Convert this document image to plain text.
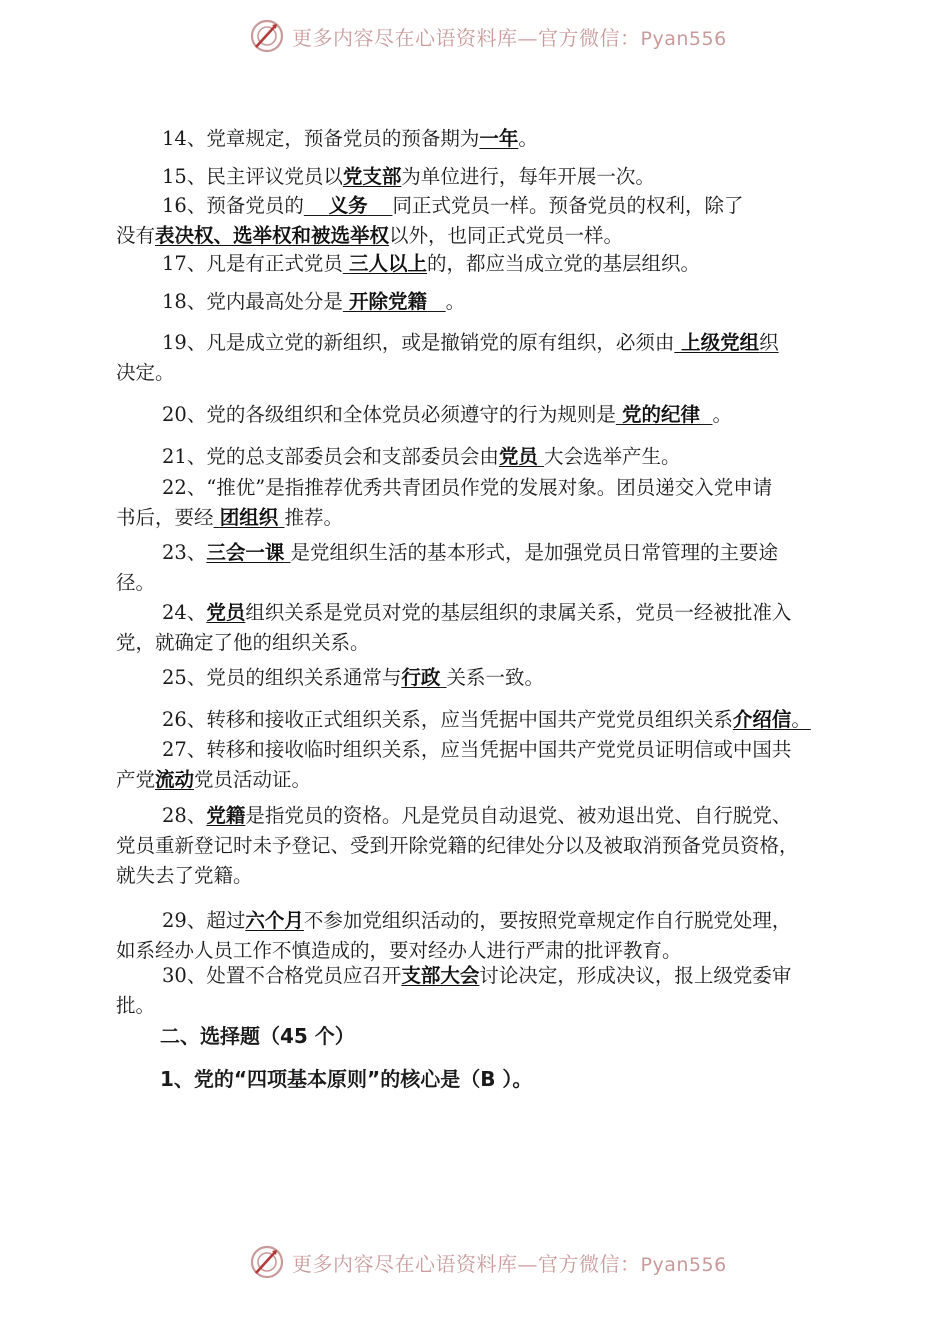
更多内容尽在心语资料库—官方微信：Pyan556
14、党章规定，预备党员的预备期为一年。
15、民主评议党员以党支部为单位进行，每年开展一次。
16、预备党员的 义务 同正式党员一样。预备党员的权利，除了
没有表决权、选举权和被选举权以外，也同正式党员一样。
17、凡是有正式党员 三人以上的，都应当成立党的基层组织。
18、党内最高处分是 开除党籍 。
19、凡是成立党的新组织，或是撤销党的原有组织，必须由 上级党组织
决定。
20、党的各级组织和全体党员必须遵守的行为规则是 党的纪律 。
21、党的总支部委员会和支部委员会由党员 大会选举产生。
22、“推优”是指推荐优秀共青团员作党的发展对象。团员递交入党申请
书后，要经 团组织 推荐。
23、三会一课 是党组织生活的基本形式，是加强党员日常管理的主要途
径。
24、党员组织关系是党员对党的基层组织的隶属关系，党员一经被批准入
党，就确定了他的组织关系。
25、党员的组织关系通常与行政 关系一致。
26、转移和接收正式组织关系，应当凭据中国共产党党员组织关系介绍信。
27、转移和接收临时组织关系，应当凭据中国共产党党员证明信或中国共
产党流动党员活动证。
28、党籍是指党员的资格。凡是党员自动退党、被劝退出党、自行脱党、
党员重新登记时未予登记、受到开除党籍的纪律处分以及被取消预备党员资格，
就失去了党籍。
29、超过六个月不参加党组织活动的，要按照党章规定作自行脱党处理，
如系经办人员工作不慎造成的，要对经办人进行严肃的批评教育。
30、处置不合格党员应召开支部大会讨论决定，形成决议，报上级党委审
批。
二、选择题（45 个）
1、党的“四项基本原则”的核心是（B ）。
更多内容尽在心语资料库—官方微信：Pyan556
